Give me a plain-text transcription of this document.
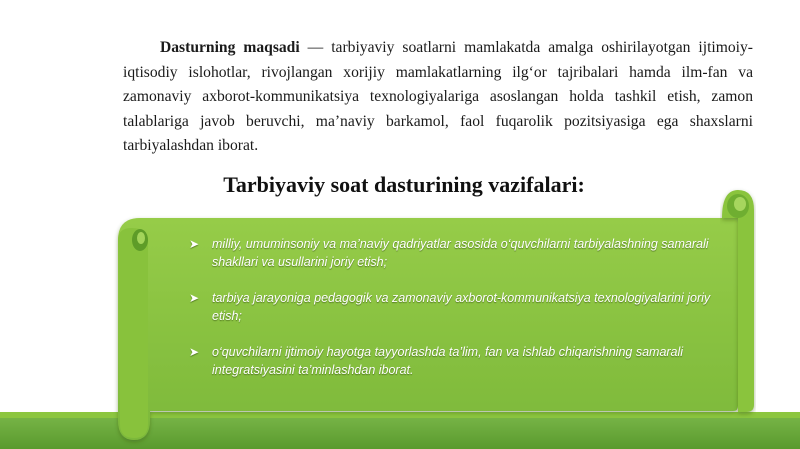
Dasturning maqsadi — tarbiyaviy soatlarni mamlakatda amalga oshirilayotgan ijtimoiy-iqtisodiy islohotlar, rivojlangan xorijiy mamlakatlarning ilg‘or tajribalari hamda ilm-fan va zamonaviy axborot-kommunikatsiya texnologiyalariga asoslangan holda tashkil etish, zamon talablariga javob beruvchi, ma’naviy barkamol, faol fuqarolik pozitsiyasiga ega shaxslarni tarbiyalashdan iborat.

Tarbiyaviy soat dasturining vazifalari:
➤ milliy, umuminsoniy va ma’naviy qadriyatlar asosida o‘quvchilarni tarbiyalashning samarali shakllari va usullarini joriy etish;
➤ tarbiya jarayoniga pedagogik va zamonaviy axborot-kommunikatsiya texnologiyalarini joriy etish;
➤ o‘quvchilarni ijtimoiy hayotga tayyorlashda ta’lim, fan va ishlab chiqarishning samarali integratsiyasini ta’minlashdan iborat.
